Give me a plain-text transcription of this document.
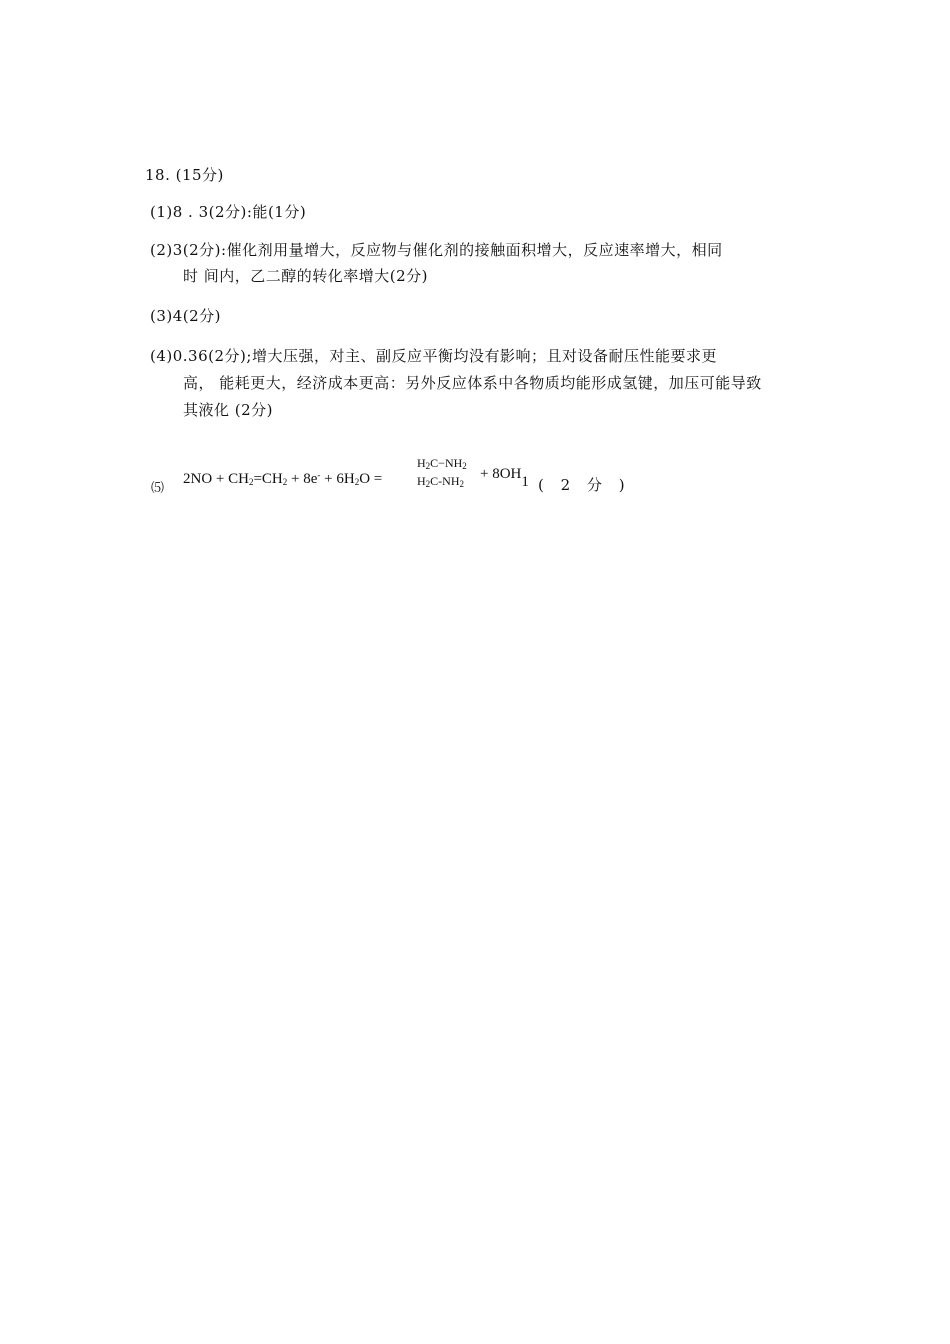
18. (15分)
(1)8 . 3(2分):能(1分)
(2)3(2分):催化剂用量增大，反应物与催化剂的接触面积增大，反应速率增大，相同
时 间内，乙二醇的转化率增大(2分)
(3)4(2分)
(4)0.36(2分);增大压强，对主、副反应平衡均没有影响；且对设备耐压性能要求更
高， 能耗更大，经济成本更高：另外反应体系中各物质均能形成氢键，加压可能导致
其液化 (2分)
⑸
$2NO + CH_2=CH_2 + 8e^- + 6H_2O$ =
$H_2C-NH_2$
$H_2C-NH_2$
+ 8OH1 ( 2 分 )
